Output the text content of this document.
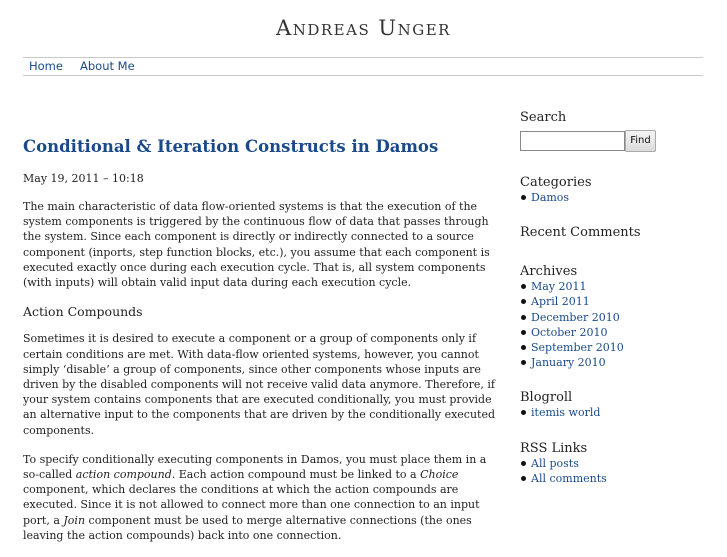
Andreas Unger
Home About Me
Conditional & Iteration Constructs in Damos
May 19, 2011 – 10:18

The main characteristic of data flow-oriented systems is that the execution of the system components is triggered by the continuous flow of data that passes through the system. Since each component is directly or indirectly connected to a source component (inports, step function blocks, etc.), you assume that each component is executed exactly once during each execution cycle. That is, all system components (with inputs) will obtain valid input data during each execution cycle.

Action Compounds

Sometimes it is desired to execute a component or a group of components only if certain conditions are met. With data-flow oriented systems, however, you cannot simply ‘disable’ a group of components, since other components whose inputs are driven by the disabled components will not receive valid data anymore. Therefore, if your system contains components that are executed conditionally, you must provide an alternative input to the components that are driven by the conditionally executed components.

To specify conditionally executing components in Damos, you must place them in a so-called action compound. Each action compound must be linked to a Choice component, which declares the conditions at which the action compounds are executed. Since it is not allowed to connect more than one connection to an input port, a Join component must be used to merge alternative connections (the ones leaving the action compounds) back into one connection.

Search
Find
Categories
Damos
Recent Comments
Archives
May 2011
April 2011
December 2010
October 2010
September 2010
January 2010
Blogroll
itemis world
RSS Links
All posts
All comments
